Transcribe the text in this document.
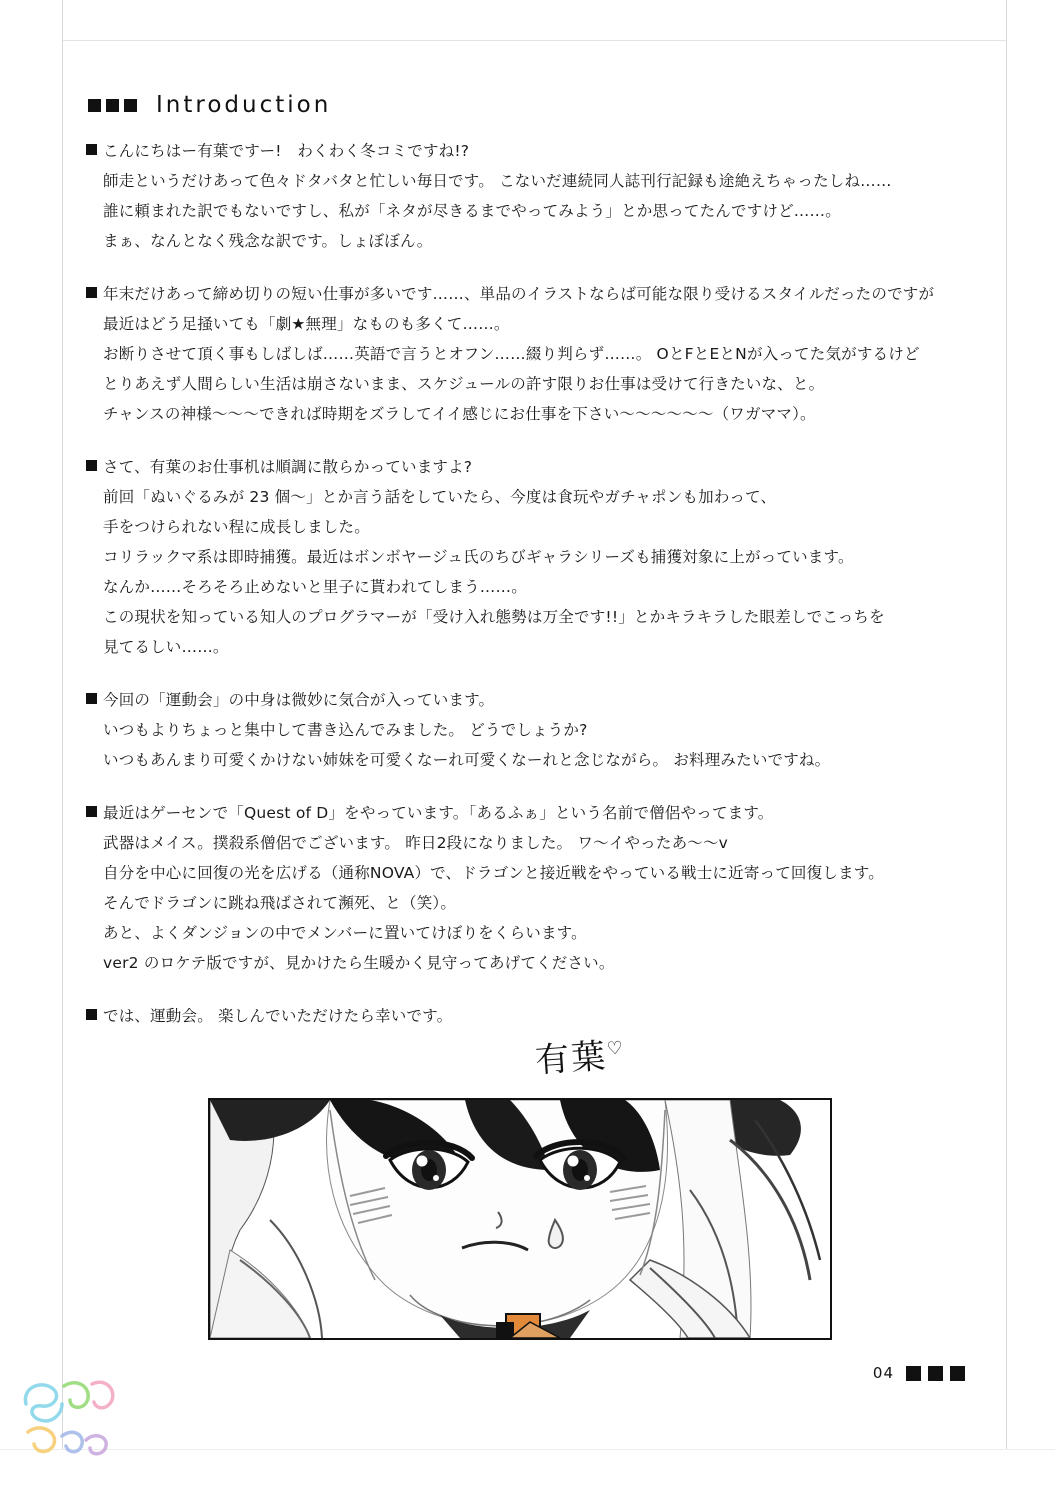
Introduction
こんにちはー有葉ですー!　わくわく冬コミですね!?
師走というだけあって色々ドタバタと忙しい毎日です。 こないだ連続同人誌刊行記録も途絶えちゃったしね……
誰に頼まれた訳でもないですし、私が「ネタが尽きるまでやってみよう」とか思ってたんですけど……。
まぁ、なんとなく残念な訳です。しょぼぼん。
年末だけあって締め切りの短い仕事が多いです……、単品のイラストならば可能な限り受けるスタイルだったのですが
最近はどう足掻いても「劇★無理」なものも多くて……。
お断りさせて頂く事もしばしば……英語で言うとオフン……綴り判らず……。 OとFとEとNが入ってた気がするけど
とりあえず人間らしい生活は崩さないまま、スケジュールの許す限りお仕事は受けて行きたいな、と。
チャンスの神様〜〜〜できれば時期をズラしてイイ感じにお仕事を下さい〜〜〜〜〜〜（ワガママ）。
さて、有葉のお仕事机は順調に散らかっていますよ?
前回「ぬいぐるみが 23 個〜」とか言う話をしていたら、今度は食玩やガチャポンも加わって、
手をつけられない程に成長しました。
コリラックマ系は即時捕獲。最近はボンボヤージュ氏のちびギャラシリーズも捕獲対象に上がっています。
なんか……そろそろ止めないと里子に貰われてしまう……。
この現状を知っている知人のプログラマーが「受け入れ態勢は万全です!!」とかキラキラした眼差しでこっちを
見てるしい……。
今回の「運動会」の中身は微妙に気合が入っています。
いつもよりちょっと集中して書き込んでみました。 どうでしょうか?
いつもあんまり可愛くかけない姉妹を可愛くなーれ可愛くなーれと念じながら。 お料理みたいですね。
最近はゲーセンで「Quest of D」をやっています。「あるふぁ」という名前で僧侶やってます。
武器はメイス。撲殺系僧侶でございます。 昨日2段になりました。 ワ〜イやったあ〜〜v
自分を中心に回復の光を広げる（通称NOVA）で、ドラゴンと接近戦をやっている戦士に近寄って回復します。
そんでドラゴンに跳ね飛ばされて瀕死、と（笑）。
あと、よくダンジョンの中でメンバーに置いてけぼりをくらいます。
ver2 のロケテ版ですが、見かけたら生暖かく見守ってあげてください。
では、運動会。 楽しんでいただけたら幸いです。
有葉♡
04
